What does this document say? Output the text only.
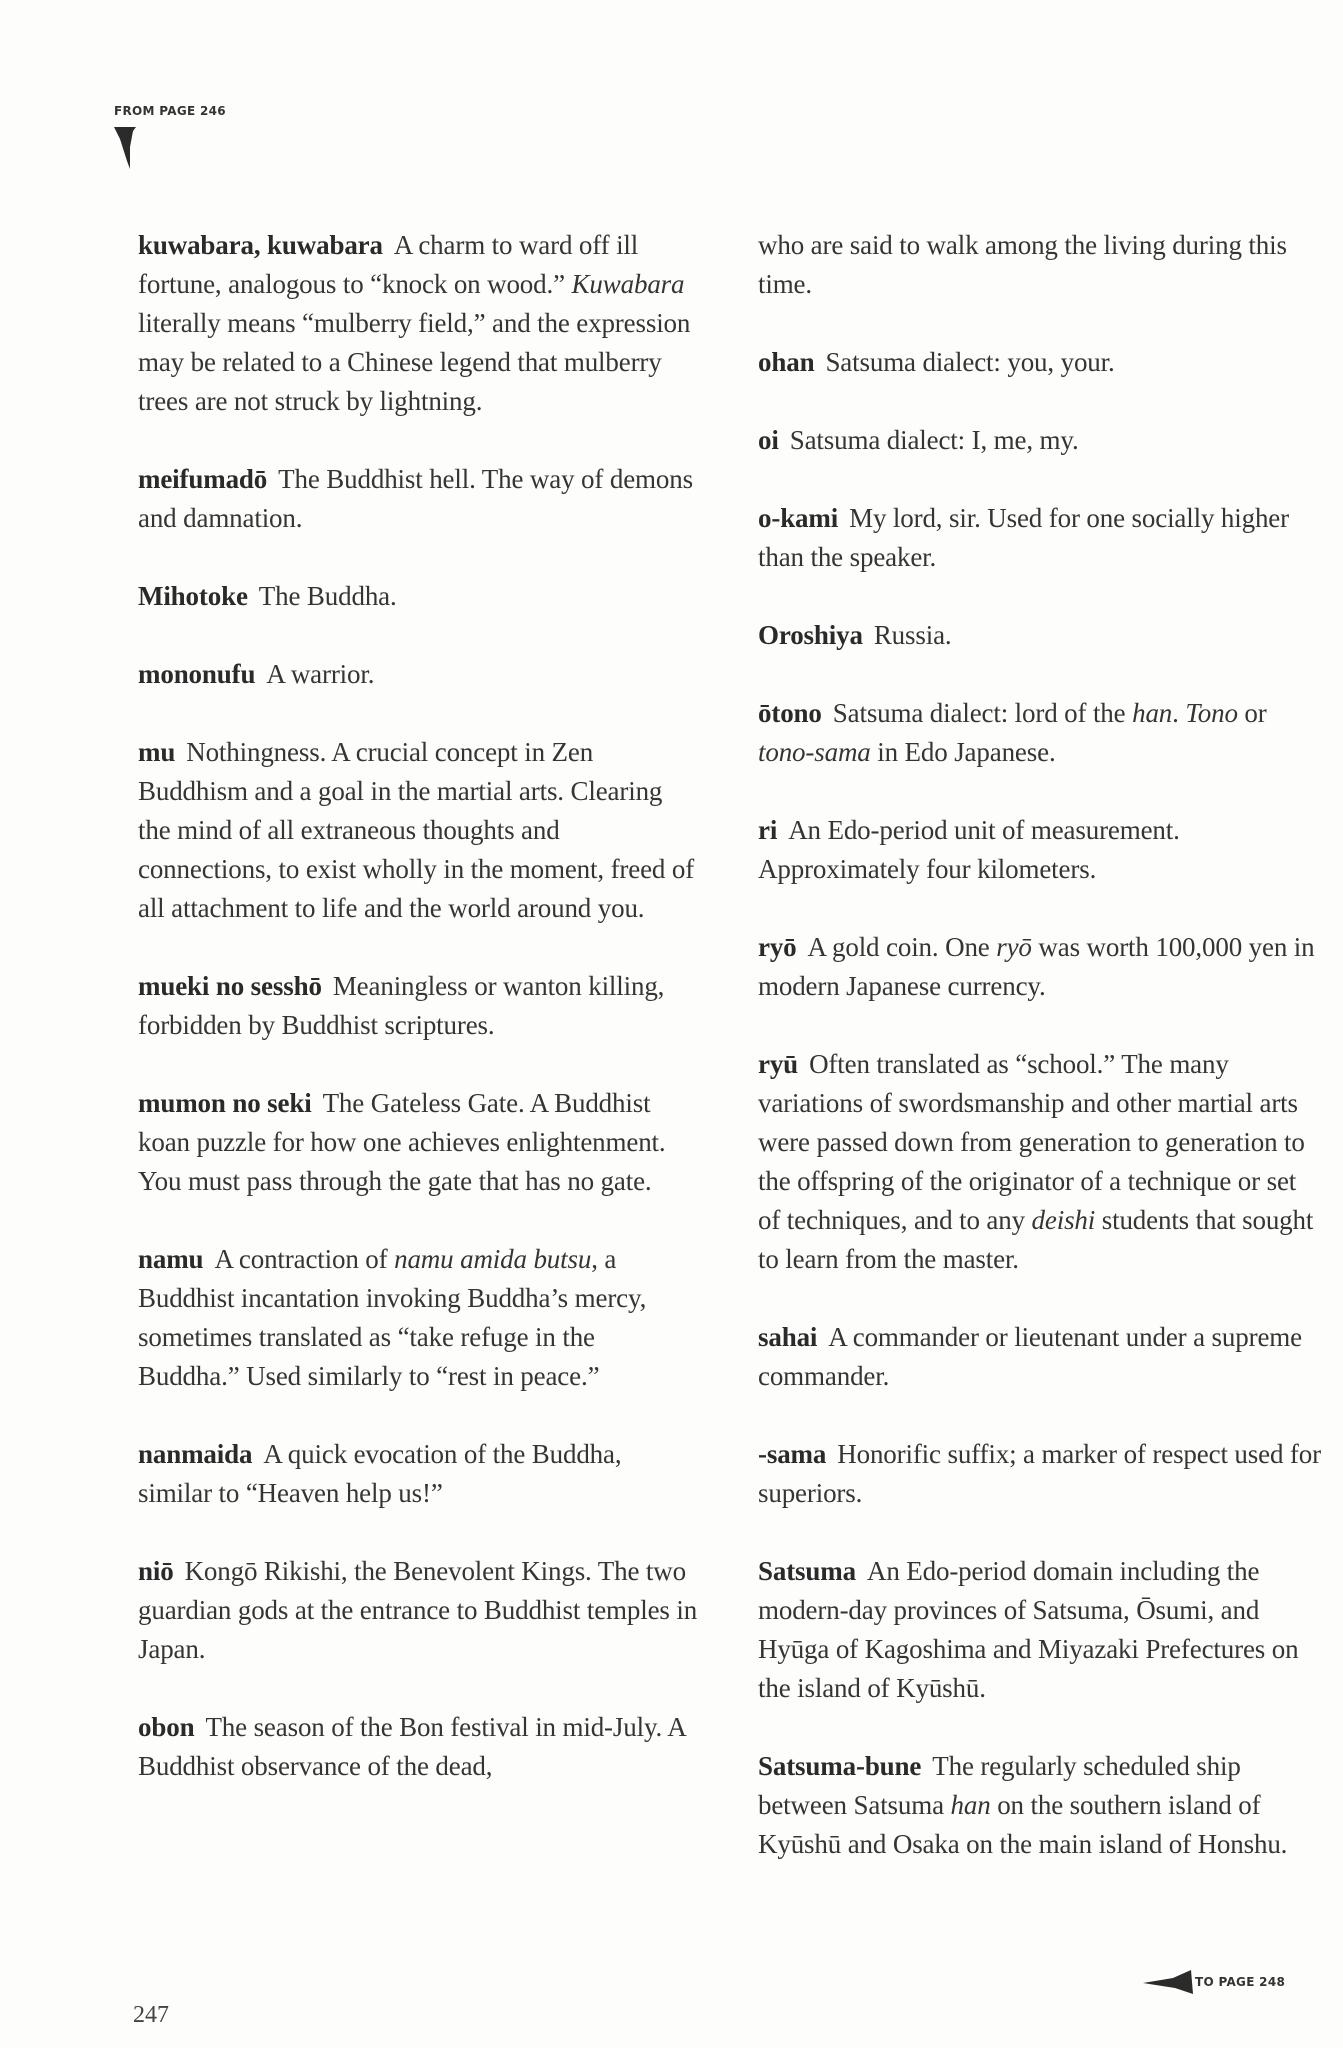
FROM PAGE 246

kuwabara, kuwabara A charm to ward off ill fortune, analogous to “knock on wood.” Kuwabara literally means “mulberry field,” and the expression may be related to a Chinese legend that mulberry trees are not struck by lightning.

meifumadō The Buddhist hell. The way of demons and damnation.

Mihotoke The Buddha.

mononufu A warrior.

mu Nothingness. A crucial concept in Zen Buddhism and a goal in the martial arts. Clearing the mind of all extraneous thoughts and connections, to exist wholly in the moment, freed of all attachment to life and the world around you.

mueki no sesshō Meaningless or wanton killing, forbidden by Buddhist scriptures.

mumon no seki The Gateless Gate. A Buddhist koan puzzle for how one achieves enlightenment. You must pass through the gate that has no gate.

namu A contraction of namu amida butsu, a Buddhist incantation invoking Buddha’s mercy, sometimes translated as “take refuge in the Buddha.” Used similarly to “rest in peace.”

nanmaida A quick evocation of the Buddha, similar to “Heaven help us!”

niō Kongō Rikishi, the Benevolent Kings. The two guardian gods at the entrance to Buddhist temples in Japan.

obon The season of the Bon festival in mid-July. A Buddhist observance of the dead,

who are said to walk among the living during this time.

ohan Satsuma dialect: you, your.

oi Satsuma dialect: I, me, my.

o-kami My lord, sir. Used for one socially higher than the speaker.

Oroshiya Russia.

ōtono Satsuma dialect: lord of the han. Tono or tono-sama in Edo Japanese.

ri An Edo-period unit of measurement. Approximately four kilometers.

ryō A gold coin. One ryō was worth 100,000 yen in modern Japanese currency.

ryū Often translated as “school.” The many variations of swordsmanship and other martial arts were passed down from generation to generation to the offspring of the originator of a technique or set of techniques, and to any deishi students that sought to learn from the master.

sahai A commander or lieutenant under a supreme commander.

-sama Honorific suffix; a marker of respect used for superiors.

Satsuma An Edo-period domain including the modern-day provinces of Satsuma, Ōsumi, and Hyūga of Kagoshima and Miyazaki Prefectures on the island of Kyūshū.

Satsuma-bune The regularly scheduled ship between Satsuma han on the southern island of Kyūshū and Osaka on the main island of Honshu.

247
TO PAGE 248
